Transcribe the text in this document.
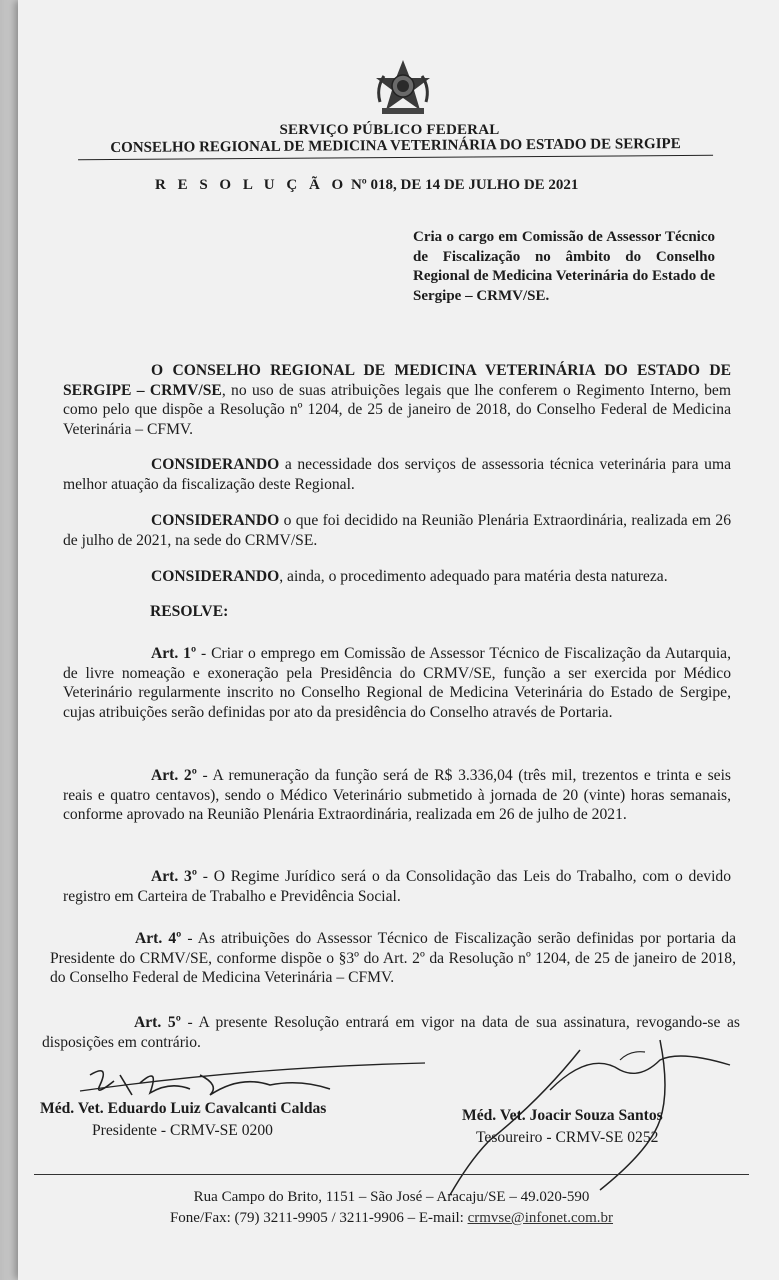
SERVIÇO PÚBLICO FEDERAL
CONSELHO REGIONAL DE MEDICINA VETERINÁRIA DO ESTADO DE SERGIPE
R E S O L U Ç Ã O Nº 018, DE 14 DE JULHO DE 2021
Cria o cargo em Comissão de Assessor Técnico de Fiscalização no âmbito do Conselho Regional de Medicina Veterinária do Estado de Sergipe – CRMV/SE.
O CONSELHO REGIONAL DE MEDICINA VETERINÁRIA DO ESTADO DE SERGIPE – CRMV/SE, no uso de suas atribuições legais que lhe conferem o Regimento Interno, bem como pelo que dispõe a Resolução nº 1204, de 25 de janeiro de 2018, do Conselho Federal de Medicina Veterinária – CFMV.
CONSIDERANDO a necessidade dos serviços de assessoria técnica veterinária para uma melhor atuação da fiscalização deste Regional.
CONSIDERANDO o que foi decidido na Reunião Plenária Extraordinária, realizada em 26 de julho de 2021, na sede do CRMV/SE.
CONSIDERANDO, ainda, o procedimento adequado para matéria desta natureza.
RESOLVE:
Art. 1º - Criar o emprego em Comissão de Assessor Técnico de Fiscalização da Autarquia, de livre nomeação e exoneração pela Presidência do CRMV/SE, função a ser exercida por Médico Veterinário regularmente inscrito no Conselho Regional de Medicina Veterinária do Estado de Sergipe, cujas atribuições serão definidas por ato da presidência do Conselho através de Portaria.
Art. 2º - A remuneração da função será de R$ 3.336,04 (três mil, trezentos e trinta e seis reais e quatro centavos), sendo o Médico Veterinário submetido à jornada de 20 (vinte) horas semanais, conforme aprovado na Reunião Plenária Extraordinária, realizada em 26 de julho de 2021.
Art. 3º - O Regime Jurídico será o da Consolidação das Leis do Trabalho, com o devido registro em Carteira de Trabalho e Previdência Social.
Art. 4º - As atribuições do Assessor Técnico de Fiscalização serão definidas por portaria da Presidente do CRMV/SE, conforme dispõe o §3º do Art. 2º da Resolução nº 1204, de 25 de janeiro de 2018, do Conselho Federal de Medicina Veterinária – CFMV.
Art. 5º - A presente Resolução entrará em vigor na data de sua assinatura, revogando-se as disposições em contrário.
Méd. Vet. Eduardo Luiz Cavalcanti Caldas
Presidente - CRMV-SE 0200
Méd. Vet. Joacir Souza Santos
Tesoureiro - CRMV-SE 0252
Rua Campo do Brito, 1151 – São José – Aracaju/SE – 49.020-590
Fone/Fax: (79) 3211-9905 / 3211-9906 – E-mail: crmvse@infonet.com.br
